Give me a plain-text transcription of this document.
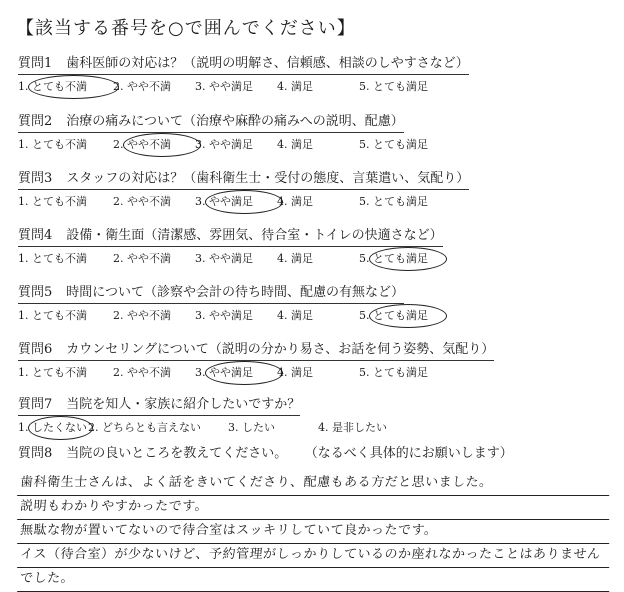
【該当する番号を○で囲んでください】
質問1 歯科医師の対応は？（説明の明解さ、信頼感、相談のしやすさなど）
1. とても不満	2. やや不満	3. やや満足	4. 満足	5. とても満足
質問2 治療の痛みについて（治療や麻酔の痛みへの説明、配慮）
1. とても不満	2. やや不満	3. やや満足	4. 満足	5. とても満足
質問3 スタッフの対応は？（歯科衛生士・受付の態度、言葉遣い、気配り）
1. とても不満	2. やや不満	3. やや満足	4. 満足	5. とても満足
質問4 設備・衛生面（清潔感、雰囲気、待合室・トイレの快適さなど）
1. とても不満	2. やや不満	3. やや満足	4. 満足	5. とても満足
質問5 時間について（診察や会計の待ち時間、配慮の有無など）
1. とても不満	2. やや不満	3. やや満足	4. 満足	5. とても満足
質問6 カウンセリングについて（説明の分かり易さ、お話を伺う姿勢、気配り）
1. とても不満	2. やや不満	3. やや満足	4. 満足	5. とても満足
質問7 当院を知人・家族に紹介したいですか？
1. したくない 2. どちらとも言えない 3. したい	4. 是非したい
質問8 当院の良いところを教えてください。 （なるべく具体的にお願いします）
歯科衛生士さんは、よく話をきいてくださり、配慮もある方だと思いました。
説明もわかりやすかったです。
無駄な物が置いてないので待合室はスッキリしていて良かったです。
イス（待合室）が少ないけど、予約管理がしっかりしているのか座れなかったことはありません
でした。
